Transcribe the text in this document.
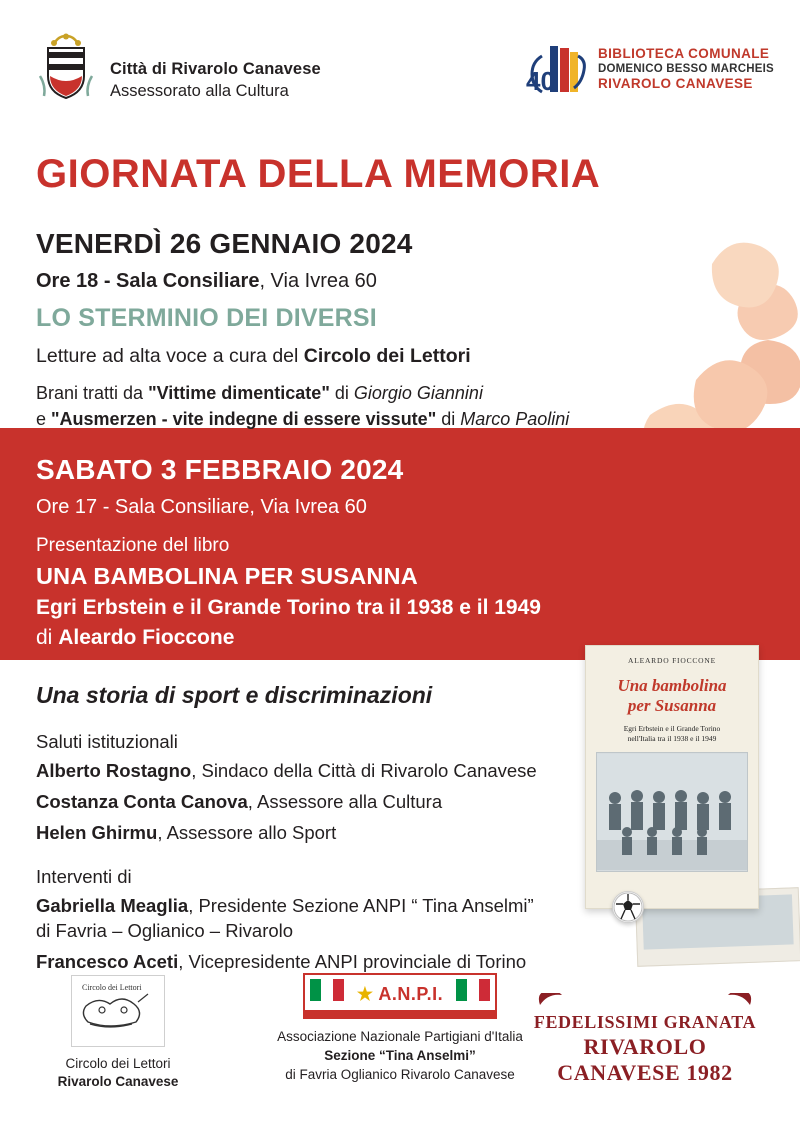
Città di Rivarolo Canavese
Assessorato alla Cultura	40
BIBLIOTECA COMUNALE
DOMENICO BESSO MARCHEIS
RIVAROLO CANAVESE
GIORNATA DELLA MEMORIA
VENERDÌ 26 GENNAIO 2024
Ore 18 - Sala Consiliare, Via Ivrea 60
LO STERMINIO DEI DIVERSI
Letture ad alta voce a cura del Circolo dei Lettori
Brani tratti da "Vittime dimenticate" di Giorgio Giannini
e "Ausmerzen - vite indegne di essere vissute" di Marco Paolini
SABATO 3 FEBBRAIO 2024
Ore 17 - Sala Consiliare, Via Ivrea 60
Presentazione del libro
UNA BAMBOLINA PER SUSANNA
Egri Erbstein e il Grande Torino tra il 1938 e il 1949
di Aleardo Fioccone
Una storia di sport e discriminazioni
Saluti istituzionali
Alberto Rostagno, Sindaco della Città di Rivarolo Canavese
Costanza Conta Canova, Assessore alla Cultura
Helen Ghirmu, Assessore allo Sport
Interventi di
Gabriella Meaglia, Presidente Sezione ANPI “ Tina Anselmi”
di Favria – Oglianico – Rivarolo
Francesco Aceti, Vicepresidente ANPI provinciale di Torino
ALEARDO FIOCCONE
Una bambolina
per Susanna
Egri Erbstein e il Grande Torino
nell'Italia tra il 1938 e il 1949
Circolo dei Lettori
Circolo dei Lettori
Rivarolo Canavese
★ A.N.P.I.
Associazione Nazionale Partigiani d'Italia
Sezione “Tina Anselmi”
di Favria Oglianico Rivarolo Canavese
FEDELISSIMI GRANATA
RIVAROLO CANAVESE 1982
